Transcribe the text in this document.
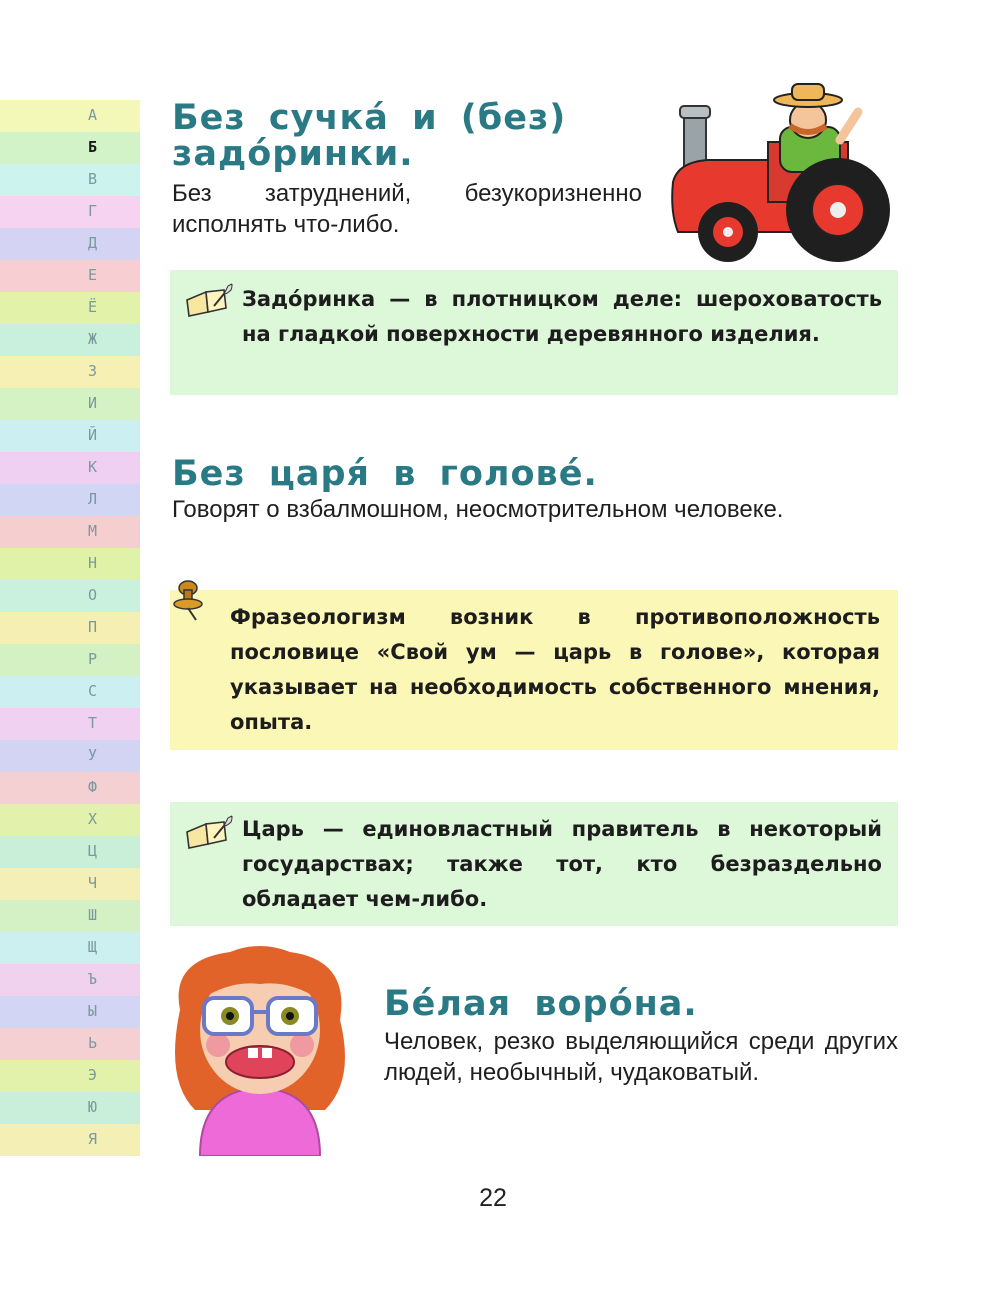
А
Б
В
Г
Д
Е
Ё
Ж
З
И
Й
К
Л
М
Н
О
П
Р
С
Т
У
Ф
Х
Ц
Ч
Ш
Щ
Ъ
Ы
Ь
Э
Ю
Я
Без сучка́ и (без) задо́ринки.

Без затруднений, безукоризненно исполнять что-либо.

Задо́ринка — в плотницком деле: шероховатость на гладкой поверхности деревянного изделия.

Без царя́ в голове́.

Говорят о взбалмошном, неосмотрительном человеке.

Фразеологизм возник в противоположность пословице «Свой ум — царь в голове», которая указывает на необходимость собственного мнения, опыта.

Царь — единовластный правитель в некоторый государствах; также тот, кто безраздельно обладает чем-либо.

Бе́лая воро́на.

Человек, резко выделяющийся среди других людей, необычный, чудаковатый.

22
